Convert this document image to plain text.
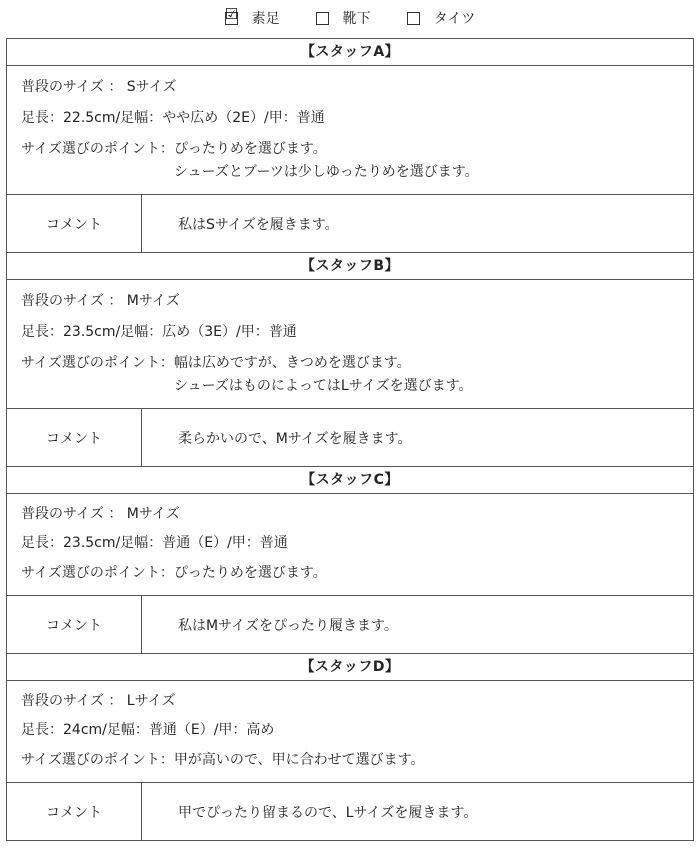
☑ 素足	靴下	タイツ
【スタッフA】
普段のサイズ ： Sサイズ
足長：22.5cm/足幅：やや広め（2E）/甲：普通
サイズ選びのポイント： ぴったりめを選びます。
シューズとブーツは少しゆったりめを選びます。
コメント	私はSサイズを履きます。
【スタッフB】
普段のサイズ ： Mサイズ
足長：23.5cm/足幅：広め（3E）/甲：普通
サイズ選びのポイント： 幅は広めですが、きつめを選びます。
シューズはものによってはLサイズを選びます。
コメント	柔らかいので、Mサイズを履きます。
【スタッフC】
普段のサイズ ： Mサイズ
足長：23.5cm/足幅：普通（E）/甲：普通
サイズ選びのポイント： ぴったりめを選びます。
コメント	私はMサイズをぴったり履きます。
【スタッフD】
普段のサイズ ： Lサイズ
足長：24cm/足幅：普通（E）/甲：高め
サイズ選びのポイント： 甲が高いので、甲に合わせて選びます。
コメント	甲でぴったり留まるので、Lサイズを履きます。
